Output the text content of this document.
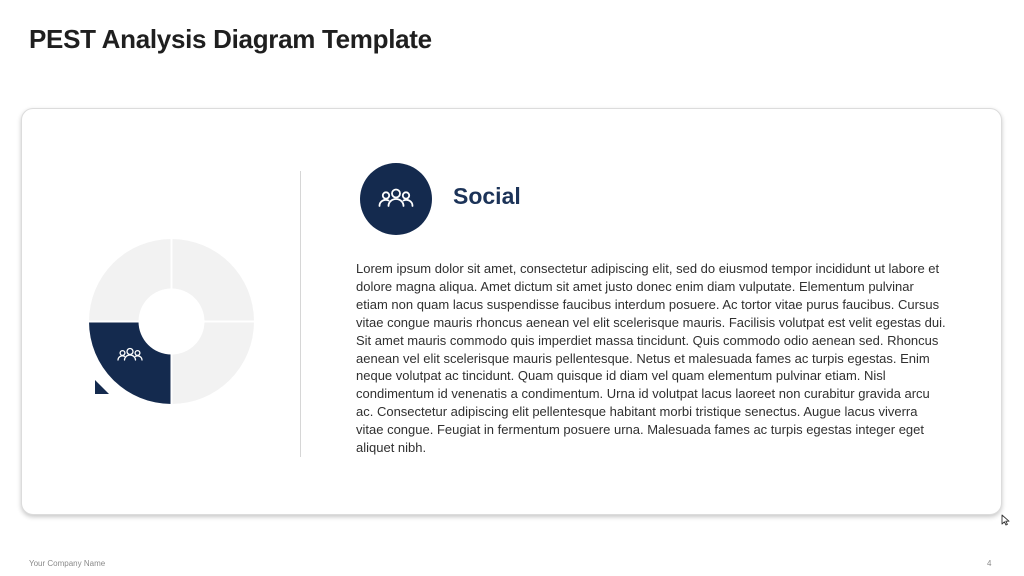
PEST Analysis Diagram Template
Social

Lorem ipsum dolor sit amet, consectetur adipiscing elit, sed do eiusmod tempor incididunt ut labore et dolore magna aliqua. Amet dictum sit amet justo donec enim diam vulputate. Elementum pulvinar etiam non quam lacus suspendisse faucibus interdum posuere. Ac tortor vitae purus faucibus. Cursus vitae congue mauris rhoncus aenean vel elit scelerisque mauris. Facilisis volutpat est velit egestas dui. Sit amet mauris commodo quis imperdiet massa tincidunt. Quis commodo odio aenean sed. Rhoncus aenean vel elit scelerisque mauris pellentesque. Netus et malesuada fames ac turpis egestas. Enim neque volutpat ac tincidunt. Quam quisque id diam vel quam elementum pulvinar etiam. Nisl condimentum id venenatis a condimentum. Urna id volutpat lacus laoreet non curabitur gravida arcu ac. Consectetur adipiscing elit pellentesque habitant morbi tristique senectus. Augue lacus viverra vitae congue. Feugiat in fermentum posuere urna. Malesuada fames ac turpis egestas integer eget aliquet nibh.

Your Company Name	4
